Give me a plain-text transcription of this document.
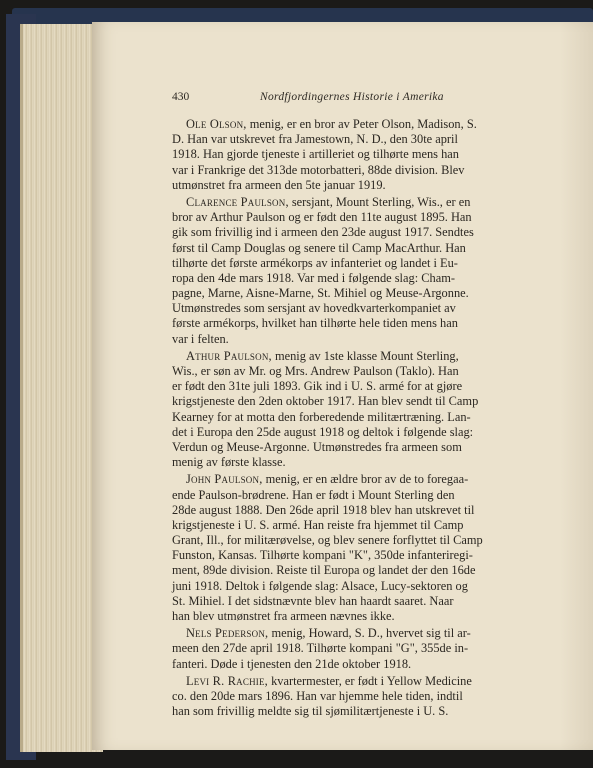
430	Nordfjordingernes Historie i Amerika
Ole Olson, menig, er en bror av Peter Olson, Madison, S.
D. Han var utskrevet fra Jamestown, N. D., den 30te april
1918. Han gjorde tjeneste i artilleriet og tilhørte mens han
var i Frankrige det 313de motorbatteri, 88de division. Blev
utmønstret fra armeen den 5te januar 1919.
Clarence Paulson, sersjant, Mount Sterling, Wis., er en
bror av Arthur Paulson og er født den 11te august 1895. Han
gik som frivillig ind i armeen den 23de august 1917. Sendtes
først til Camp Douglas og senere til Camp MacArthur. Han
tilhørte det første armékorps av infanteriet og landet i Eu-
ropa den 4de mars 1918. Var med i følgende slag: Cham-
pagne, Marne, Aisne-Marne, St. Mihiel og Meuse-Argonne.
Utmønstredes som sersjant av hovedkvarterkompaniet av
første armékorps, hvilket han tilhørte hele tiden mens han
var i felten.
Athur Paulson, menig av 1ste klasse Mount Sterling,
Wis., er søn av Mr. og Mrs. Andrew Paulson (Taklo). Han
er født den 31te juli 1893. Gik ind i U. S. armé for at gjøre
krigstjeneste den 2den oktober 1917. Han blev sendt til Camp
Kearney for at motta den forberedende militærtræning. Lan-
det i Europa den 25de august 1918 og deltok i følgende slag:
Verdun og Meuse-Argonne. Utmønstredes fra armeen som
menig av første klasse.
John Paulson, menig, er en ældre bror av de to foregaa-
ende Paulson-brødrene. Han er født i Mount Sterling den
28de august 1888. Den 26de april 1918 blev han utskrevet til
krigstjeneste i U. S. armé. Han reiste fra hjemmet til Camp
Grant, Ill., for militærøvelse, og blev senere forflyttet til Camp
Funston, Kansas. Tilhørte kompani "K", 350de infanteriregi-
ment, 89de division. Reiste til Europa og landet der den 16de
juni 1918. Deltok i følgende slag: Alsace, Lucy-sektoren og
St. Mihiel. I det sidstnævnte blev han haardt saaret. Naar
han blev utmønstret fra armeen nævnes ikke.
Nels Pederson, menig, Howard, S. D., hvervet sig til ar-
meen den 27de april 1918. Tilhørte kompani "G", 355de in-
fanteri. Døde i tjenesten den 21de oktober 1918.
Levi R. Rachie, kvartermester, er født i Yellow Medicine
co. den 20de mars 1896. Han var hjemme hele tiden, indtil
han som frivillig meldte sig til sjømilitærtjeneste i U. S.
